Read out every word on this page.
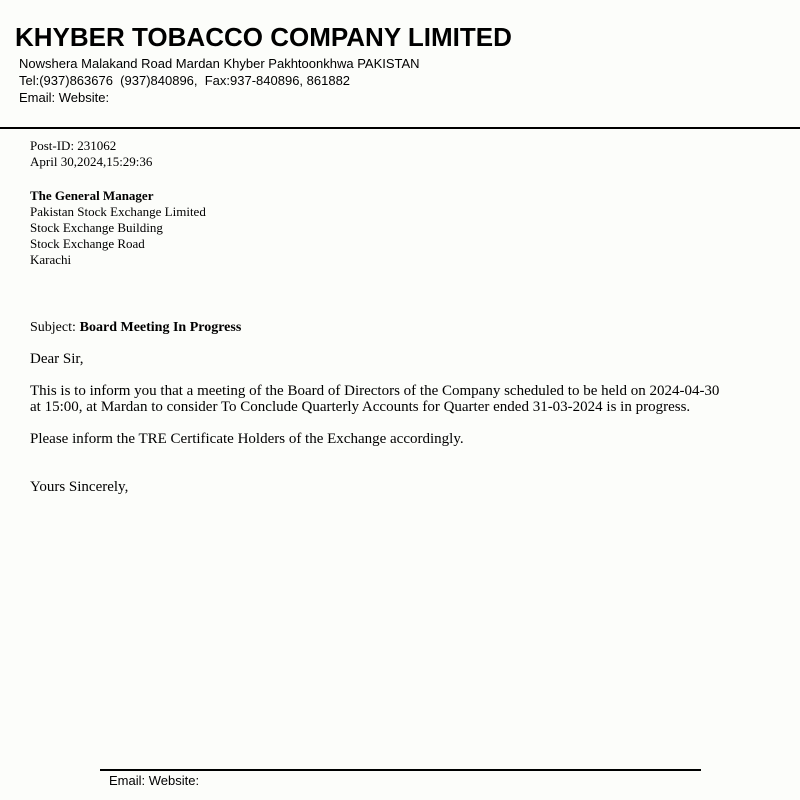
KHYBER TOBACCO COMPANY LIMITED
Nowshera Malakand Road Mardan Khyber Pakhtoonkhwa PAKISTAN
Tel:(937)863676  (937)840896,  Fax:937-840896, 861882
Email: Website:
Post-ID: 231062
April 30,2024,15:29:36
The General Manager
Pakistan Stock Exchange Limited
Stock Exchange Building
Stock Exchange Road
Karachi
Subject: Board Meeting In Progress
Dear Sir,
This is to inform you that a meeting of the Board of Directors of the Company scheduled to be held on 2024-04-30
at 15:00, at Mardan to consider To Conclude Quarterly Accounts for Quarter ended 31-03-2024 is in progress.
Please inform the TRE Certificate Holders of the Exchange accordingly.
Yours Sincerely,
Email: Website:
